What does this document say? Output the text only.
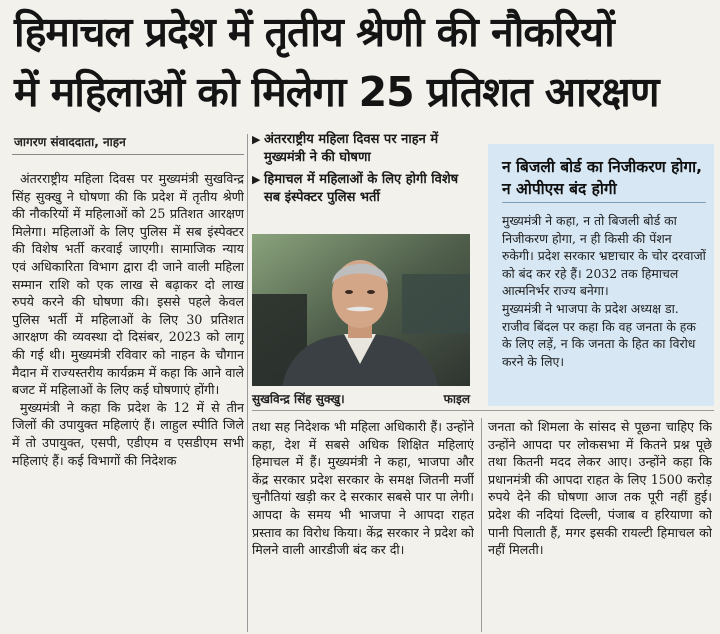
हिमाचल प्रदेश में तृतीय श्रेणी की नौकरियों
में महिलाओं को मिलेगा 25 प्रतिशत आरक्षण
जागरण संवाददाता, नाहन

अंतरराष्ट्रीय महिला दिवस पर मुख्यमंत्री सुखविन्द्र सिंह सुक्खु ने घोषणा की कि प्रदेश में तृतीय श्रेणी की नौकरियों में महिलाओं को 25 प्रतिशत आरक्षण मिलेगा। महिलाओं के लिए पुलिस में सब इंस्पेक्टर की विशेष भर्ती करवाई जाएगी। सामाजिक न्याय एवं अधिकारिता विभाग द्वारा दी जाने वाली महिला सम्मान राशि को एक लाख से बढ़ाकर दो लाख रुपये करने की घोषणा की। इससे पहले केवल पुलिस भर्ती में महिलाओं के लिए 30 प्रतिशत आरक्षण की व्यवस्था दो दिसंबर, 2023 को लागू की गई थी। मुख्यमंत्री रविवार को नाहन के चौगान मैदान में राज्यस्तरीय कार्यक्रम में कहा कि आने वाले बजट में महिलाओं के लिए कई घोषणाएं होंगी।

मुख्यमंत्री ने कहा कि प्रदेश के 12 में से तीन जिलों की उपायुक्त महिलाएं हैं। लाहुल स्पीति जिले में तो उपायुक्त, एसपी, एडीएम व एसडीएम सभी महिलाएं हैं। कई विभागों की निदेशक

▶ अंतरराष्ट्रीय महिला दिवस पर नाहन में मुख्यमंत्री ने की घोषणा
▶ हिमाचल में महिलाओं के लिए होगी विशेष सब इंस्पेक्टर पुलिस भर्ती
सुखविन्द्र सिंह सुक्खु।	फाइल
न बिजली बोर्ड का निजीकरण होगा, न ओपीएस बंद होगी

मुख्यमंत्री ने कहा, न तो बिजली बोर्ड का निजीकरण होगा, न ही किसी की पेंशन रुकेगी। प्रदेश सरकार भ्रष्टाचार के चोर दरवाजों को बंद कर रहे हैं। 2032 तक हिमाचल आत्मनिर्भर राज्य बनेगा।

मुख्यमंत्री ने भाजपा के प्रदेश अध्यक्ष डा. राजीव बिंदल पर कहा कि वह जनता के हक के लिए लड़ें, न कि जनता के हित का विरोध करने के लिए।

तथा सह निदेशक भी महिला अधिकारी हैं। उन्होंने कहा, देश में सबसे अधिक शिक्षित महिलाएं हिमाचल में हैं। मुख्यमंत्री ने कहा, भाजपा और केंद्र सरकार प्रदेश सरकार के समक्ष जितनी मर्जी चुनौतियां खड़ी कर दे सरकार सबसे पार पा लेगी। आपदा के समय भी भाजपा ने आपदा राहत प्रस्ताव का विरोध किया। केंद्र सरकार ने प्रदेश को मिलने वाली आरडीजी बंद कर दी।

जनता को शिमला के सांसद से पूछना चाहिए कि उन्होंने आपदा पर लोकसभा में कितने प्रश्न पूछे तथा कितनी मदद लेकर आए। उन्होंने कहा कि प्रधानमंत्री की आपदा राहत के लिए 1500 करोड़ रुपये देने की घोषणा आज तक पूरी नहीं हुई। प्रदेश की नदियां दिल्ली, पंजाब व हरियाणा को पानी पिलाती हैं, मगर इसकी रायल्टी हिमाचल को नहीं मिलती।
